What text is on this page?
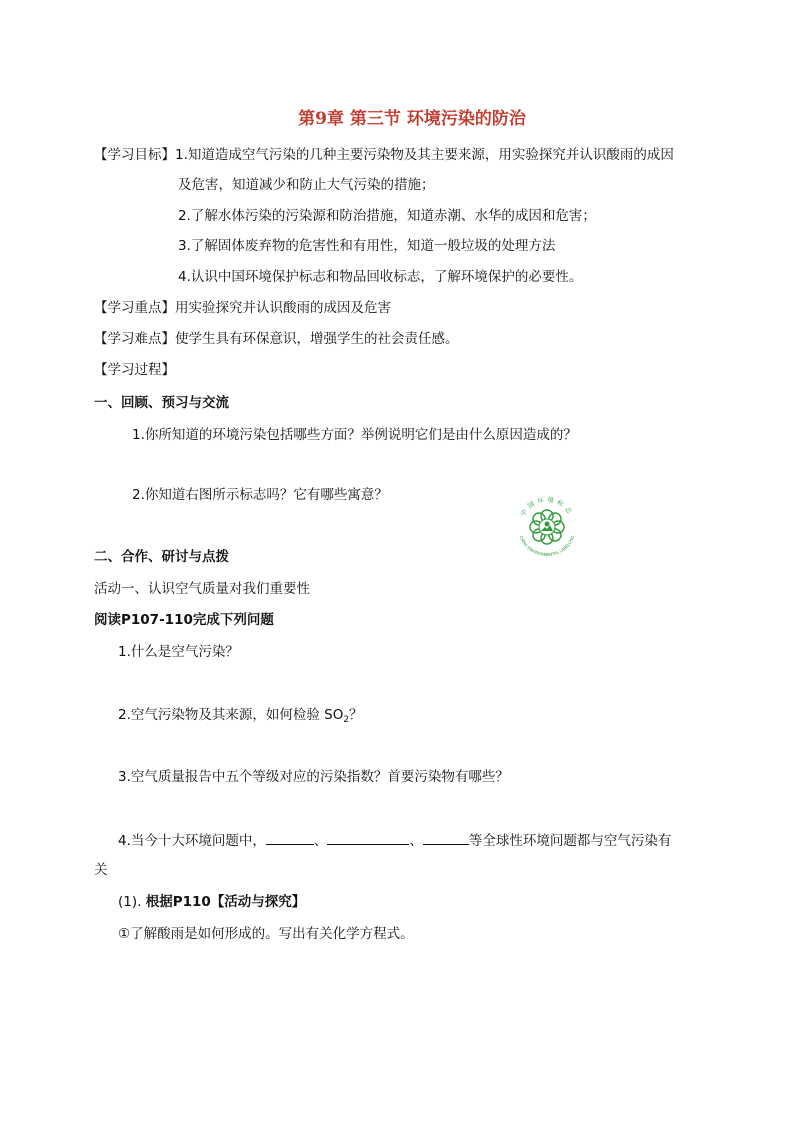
第9章 第三节 环境污染的防治
【学习目标】1.知道造成空气污染的几种主要污染物及其主要来源，用实验探究并认识酸雨的成因
及危害，知道减少和防止大气污染的措施；
2.了解水体污染的污染源和防治措施，知道赤潮、水华的成因和危害；
3.了解固体废弃物的危害性和有用性，知道一般垃圾的处理方法
4.认识中国环境保护标志和物品回收标志，了解环境保护的必要性。
【学习重点】用实验探究并认识酸雨的成因及危害
【学习难点】使学生具有环保意识，增强学生的社会责任感。
【学习过程】
一、回顾、预习与交流
1.你所知道的环境污染包括哪些方面？举例说明它们是由什么原因造成的？
2.你知道右图所示标志吗？它有哪些寓意？
中国环境标志
CHINA ENVIRONMENTAL LABELLING
二、合作、研讨与点拨
活动一、认识空气质量对我们重要性
阅读P107-110完成下列问题
1.什么是空气污染？
2.空气污染物及其来源，如何检验 $SO_2$？
3.空气质量报告中五个等级对应的污染指数？首要污染物有哪些？
4.当今十大环境问题中，	、	、	等全球性环境问题都与空气污染有
关
(1). 根据P110【活动与探究】
①了解酸雨是如何形成的。写出有关化学方程式。
